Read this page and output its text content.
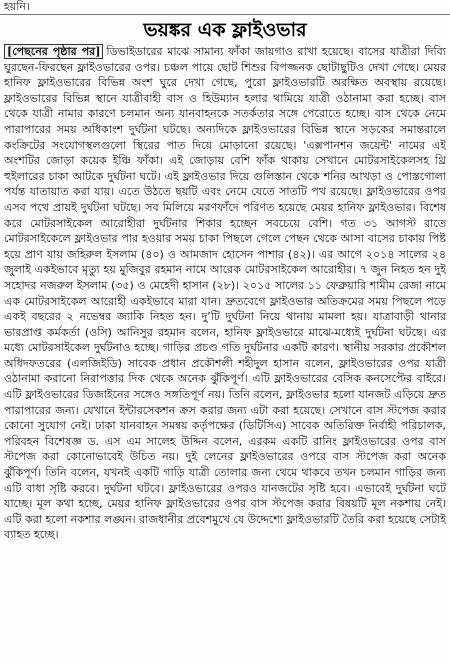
হয়নি।
ভয়ঙ্কর এক ফ্লাইওভার
[পেছনের পৃষ্ঠার পর] ডিভাইডারের মাঝে সামান্য ফাঁকা জায়গাও রাখা হয়েছে। বাসের যাত্রীরা দিব্যি ঘুরছেন-ফিরছেন ফ্লাইওভারের ওপর। চঞ্চল পায়ে ছোট শিশুর বিপজ্জনক ছোটাছুটিও দেখা গেছে। মেয়র হানিফ ফ্লাইওভারের বিভিন্ন অংশ ঘুরে দেখা গেছে, পুরো ফ্লাইওভারটি অরক্ষিত অবস্থায় রয়েছে। ফ্লাইওভারের বিভিন্ন স্থানে যাত্রীবাহী বাস ও হিউম্যান হলার থামিয়ে যাত্রী ওঠানামা করা হচ্ছে। বাস থেকে যাত্রী নামার কারণে চলমান অন্য যানবাহনকে সতর্কতার সঙ্গে পেরোতে হচ্ছে। বাস থেকে নেমে পারাপারের সময় অধিকাংশ দুর্ঘটনা ঘটছে। অন্যদিকে ফ্লাইওভারের বিভিন্ন স্থানে সড়কের সমান্তরালে কংক্রিটের সংযোগস্থলগুলো স্থিরের পাত দিয়ে মোড়ানো রয়েছে। 'এক্সপানশন জয়েন্ট' নামের এই অংশটির জোড়া কয়েক ইঞ্চি ফাঁকা। এই জোড়ায় বেশি ফাঁক থাকায় সেখানে মোটরসাইকেলসহ থ্রি হুইলারের চাকা আটকে দুর্ঘটনা ঘটে। এই ফ্লাইওভার দিয়ে গুলিস্তান থেকে শনির আখড়া ও পোস্তগোলা পর্যন্ত যাতায়াত করা যায়। এতে উঠতে ছয়টি এবং নেমে যেতে সাতটি পথ রয়েছে। ফ্লাইওভারের ওপর এসব পথে প্রায়ই দুর্ঘটনা ঘটছে। সব মিলিয়ে মরণফাঁদে পরিণত হয়েছে মেয়র হানিফ ফ্লাইওভার। বিশেষ করে মোটরসাইকেল আরোহীরা দুর্ঘটনার শিকার হচ্ছেন সবচেয়ে বেশি। গত ৩১ আগস্ট রাতে মোটরসাইকেলে ফ্লাইওভার পার হওয়ার সময় চাকা পিছলে গেলে পেছন থেকে আসা বাসের চাকায় পিষ্ট হয়ে প্রাণ যায় জহিরুল ইসলাম (৪০) ও আমজাদ হোসেন পাশার (৪২)। এর আগে ২০১৪ সালের ২৪ জুলাই একইভাবে মৃত্যু হয় মুজিবুর রহমান নামে আরেক মোটরসাইকেল আরোহীর। ৭ জুন নিহত হন দুই সহোদর নজরুল ইসলাম (৩৫) ও মেহেদী হাসান (২৮)। ২০১৫ সালের ১১ ফেব্রুয়ারি শামীম রেজা নামে এক মোটরসাইকেল আরোহী একইভাবে মারা যান। দ্রুতবেগে ফ্লাইওভার অতিক্রমের সময় পিছলে পড়ে একই বছরের ২ নভেম্বর জ্যাকি নিহত হন। দু’টি দুর্ঘটনা নিয়ে থানায় মামলা হয়। যাত্রাবাড়ী থানার ভারপ্রাপ্ত কর্মকর্তা (ওসি) আনিসুর রহমান বলেন, হানিফ ফ্লাইওভারে মাঝে-মধ্যেই দুর্ঘটনা ঘটছে। এর মধ্যে মোটরসাইকেল দুর্ঘটনাও হচ্ছে। গাড়ির প্রচণ্ড গতি দুর্ঘটনার একটি কারণ। স্থানীয় সরকার প্রকৌশল অধিদফতরের (এলজিইডি) সাবেক প্রধান প্রকৌশলী শহীদুল হাসান বলেন, ফ্লাইওভারের ওপর যাত্রী ওঠানামা করানো নিরাপত্তার দিক থেকে অনেক ঝুঁকিপূর্ণ। এটি ফ্লাইওভারের বেসিক কনসেপ্টের বাইরে। এটি ফ্লাইওভারের ডিজাইনের সঙ্গেও সঙ্গতিপূর্ণ নয়। তিনি বলেন, ফ্লাইওভার হলো যানজট এড়িয়ে দ্রুত পারাপারের জন্য। যেখানে ইন্টারসেকশন ক্রস করার জন্য এটা করা হয়েছে। সেখানে বাস স্টপেজ করার কোনো সুযোগ নেই। ঢাকা যানবাহন সমন্বয় কর্তৃপক্ষের (ডিটিসিএ) সাবেক অতিরিক্ত নির্বাহী পরিচালক, পরিবহন বিশেষজ্ঞ ড. এস এম সালেহ উদ্দিন বলেন, এরকম একটি রানিং ফ্লাইওভারের ওপর বাস স্টপেজ করা কোনোভাবেই উচিত নয়। দুই লেনের ফ্লাইওভারের ওপরে বাস স্টপেজ করা অনেক ঝুঁকিপূর্ণ। তিনি বলেন, যখনই একটি গাড়ি যাত্রী তোলার জন্য থেমে থাকবে তখন চলমান গাড়ির জন্য এটি বাধা সৃষ্টি করবে। দুর্ঘটনা ঘটবে। ফ্লাইওভারের ওপরও যানজটের সৃষ্টি হবে। এভাবেই দুর্ঘটনা ঘটে যাচ্ছে। মূল কথা হচ্ছে, মেয়র হানিফ ফ্লাইওভারের ওপর বাস স্টপেজ করার বিষয়টি মূল নকশায় নেই। এটি করা হলো নকশার লঙ্ঘন। রাজধানীর প্রবেশমুখে যে উদ্দেশ্যে ফ্লাইওভারটি তৈরি করা হয়েছে সেটাই ব্যাহত হচ্ছে।
